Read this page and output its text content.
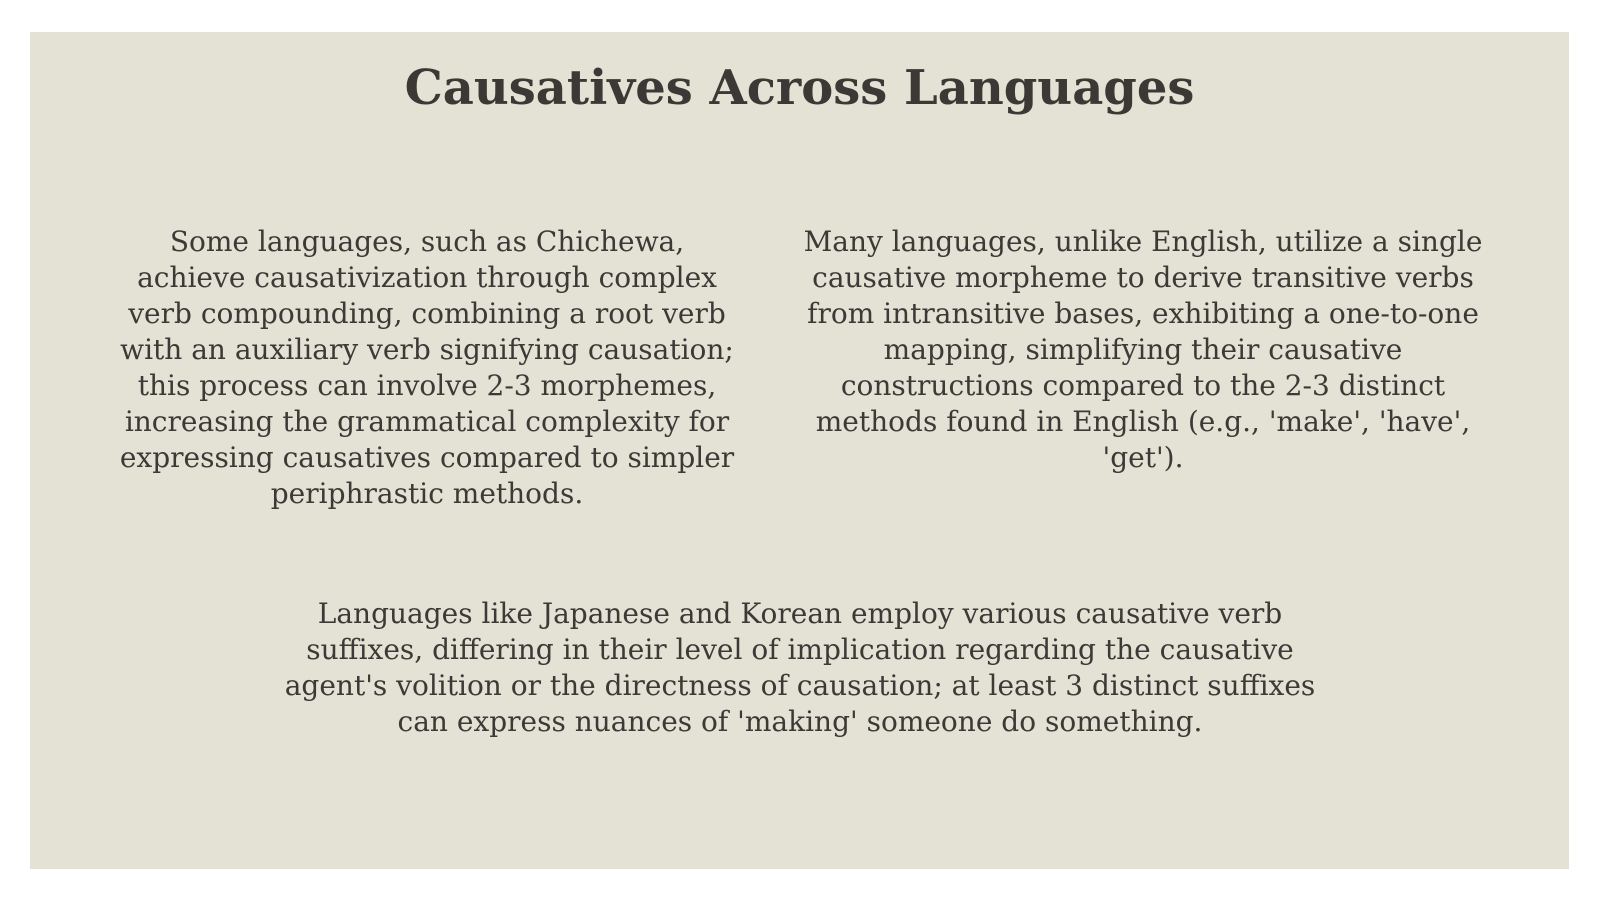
Causatives Across Languages

Some languages, such as Chichewa, achieve causativization through complex verb compounding, combining a root verb with an auxiliary verb signifying causation; this process can involve 2-3 morphemes, increasing the grammatical complexity for expressing causatives compared to simpler periphrastic methods.

Many languages, unlike English, utilize a single causative morpheme to derive transitive verbs from intransitive bases, exhibiting a one-to-one mapping, simplifying their causative constructions compared to the 2-3 distinct methods found in English (e.g., 'make', 'have', 'get').

Languages like Japanese and Korean employ various causative verb suffixes, differing in their level of implication regarding the causative agent's volition or the directness of causation; at least 3 distinct suffixes can express nuances of 'making' someone do something.
